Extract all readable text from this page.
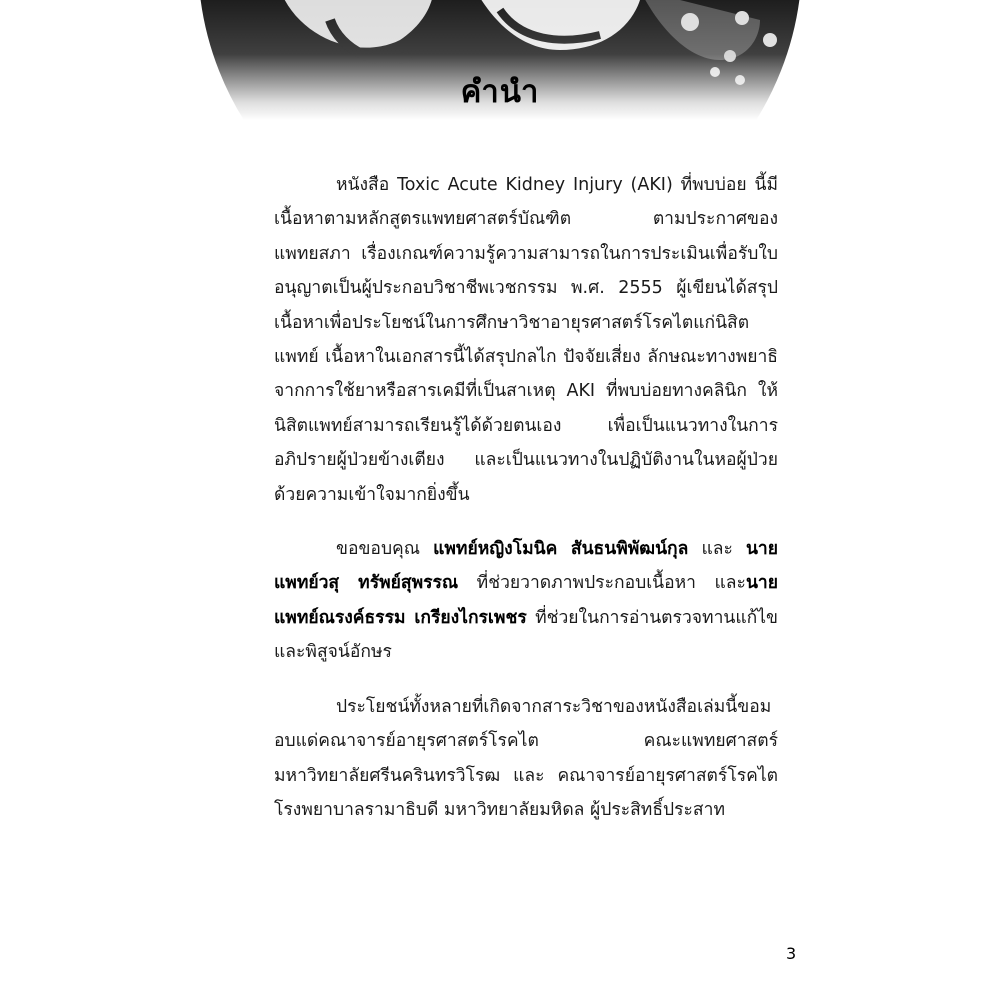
คำนำ

หนังสือ Toxic Acute Kidney Injury (AKI) ที่พบบ่อย นี้มีเนื้อหาตามหลักสูตรแพทยศาสตร์บัณฑิต ตามประกาศของแพทยสภา เรื่องเกณฑ์ความรู้ความสามารถในการประเมินเพื่อรับใบอนุญาตเป็นผู้ประกอบวิชาชีพเวชกรรม พ.ศ. 2555 ผู้เขียนได้สรุปเนื้อหาเพื่อประโยชน์ในการศึกษาวิชาอายุรศาสตร์โรคไตแก่นิสิตแพทย์ เนื้อหาในเอกสารนี้ได้สรุปกลไก ปัจจัยเสี่ยง ลักษณะทางพยาธิจากการใช้ยาหรือสารเคมีที่เป็นสาเหตุ AKI ที่พบบ่อยทางคลินิก ให้นิสิตแพทย์สามารถเรียนรู้ได้ด้วยตนเอง เพื่อเป็นแนวทางในการอภิปรายผู้ป่วยข้างเตียง และเป็นแนวทางในปฏิบัติงานในหอผู้ป่วยด้วยความเข้าใจมากยิ่งขึ้น

ขอขอบคุณ แพทย์หญิงโมนิค สันธนพิพัฒน์กุล และ นายแพทย์วสุ ทรัพย์สุพรรณ ที่ช่วยวาดภาพประกอบเนื้อหา และนายแพทย์ณรงค์ธรรม เกรียงไกรเพชร ที่ช่วยในการอ่านตรวจทานแก้ไขและพิสูจน์อักษร

ประโยชน์ทั้งหลายที่เกิดจากสาระวิชาของหนังสือเล่มนี้ขอมอบแด่คณาจารย์อายุรศาสตร์โรคไต คณะแพทยศาสตร์ มหาวิทยาลัยศรีนครินทรวิโรฒ และ คณาจารย์อายุรศาสตร์โรคไต โรงพยาบาลรามาธิบดี มหาวิทยาลัยมหิดล ผู้ประสิทธิ์ประสาท

3
